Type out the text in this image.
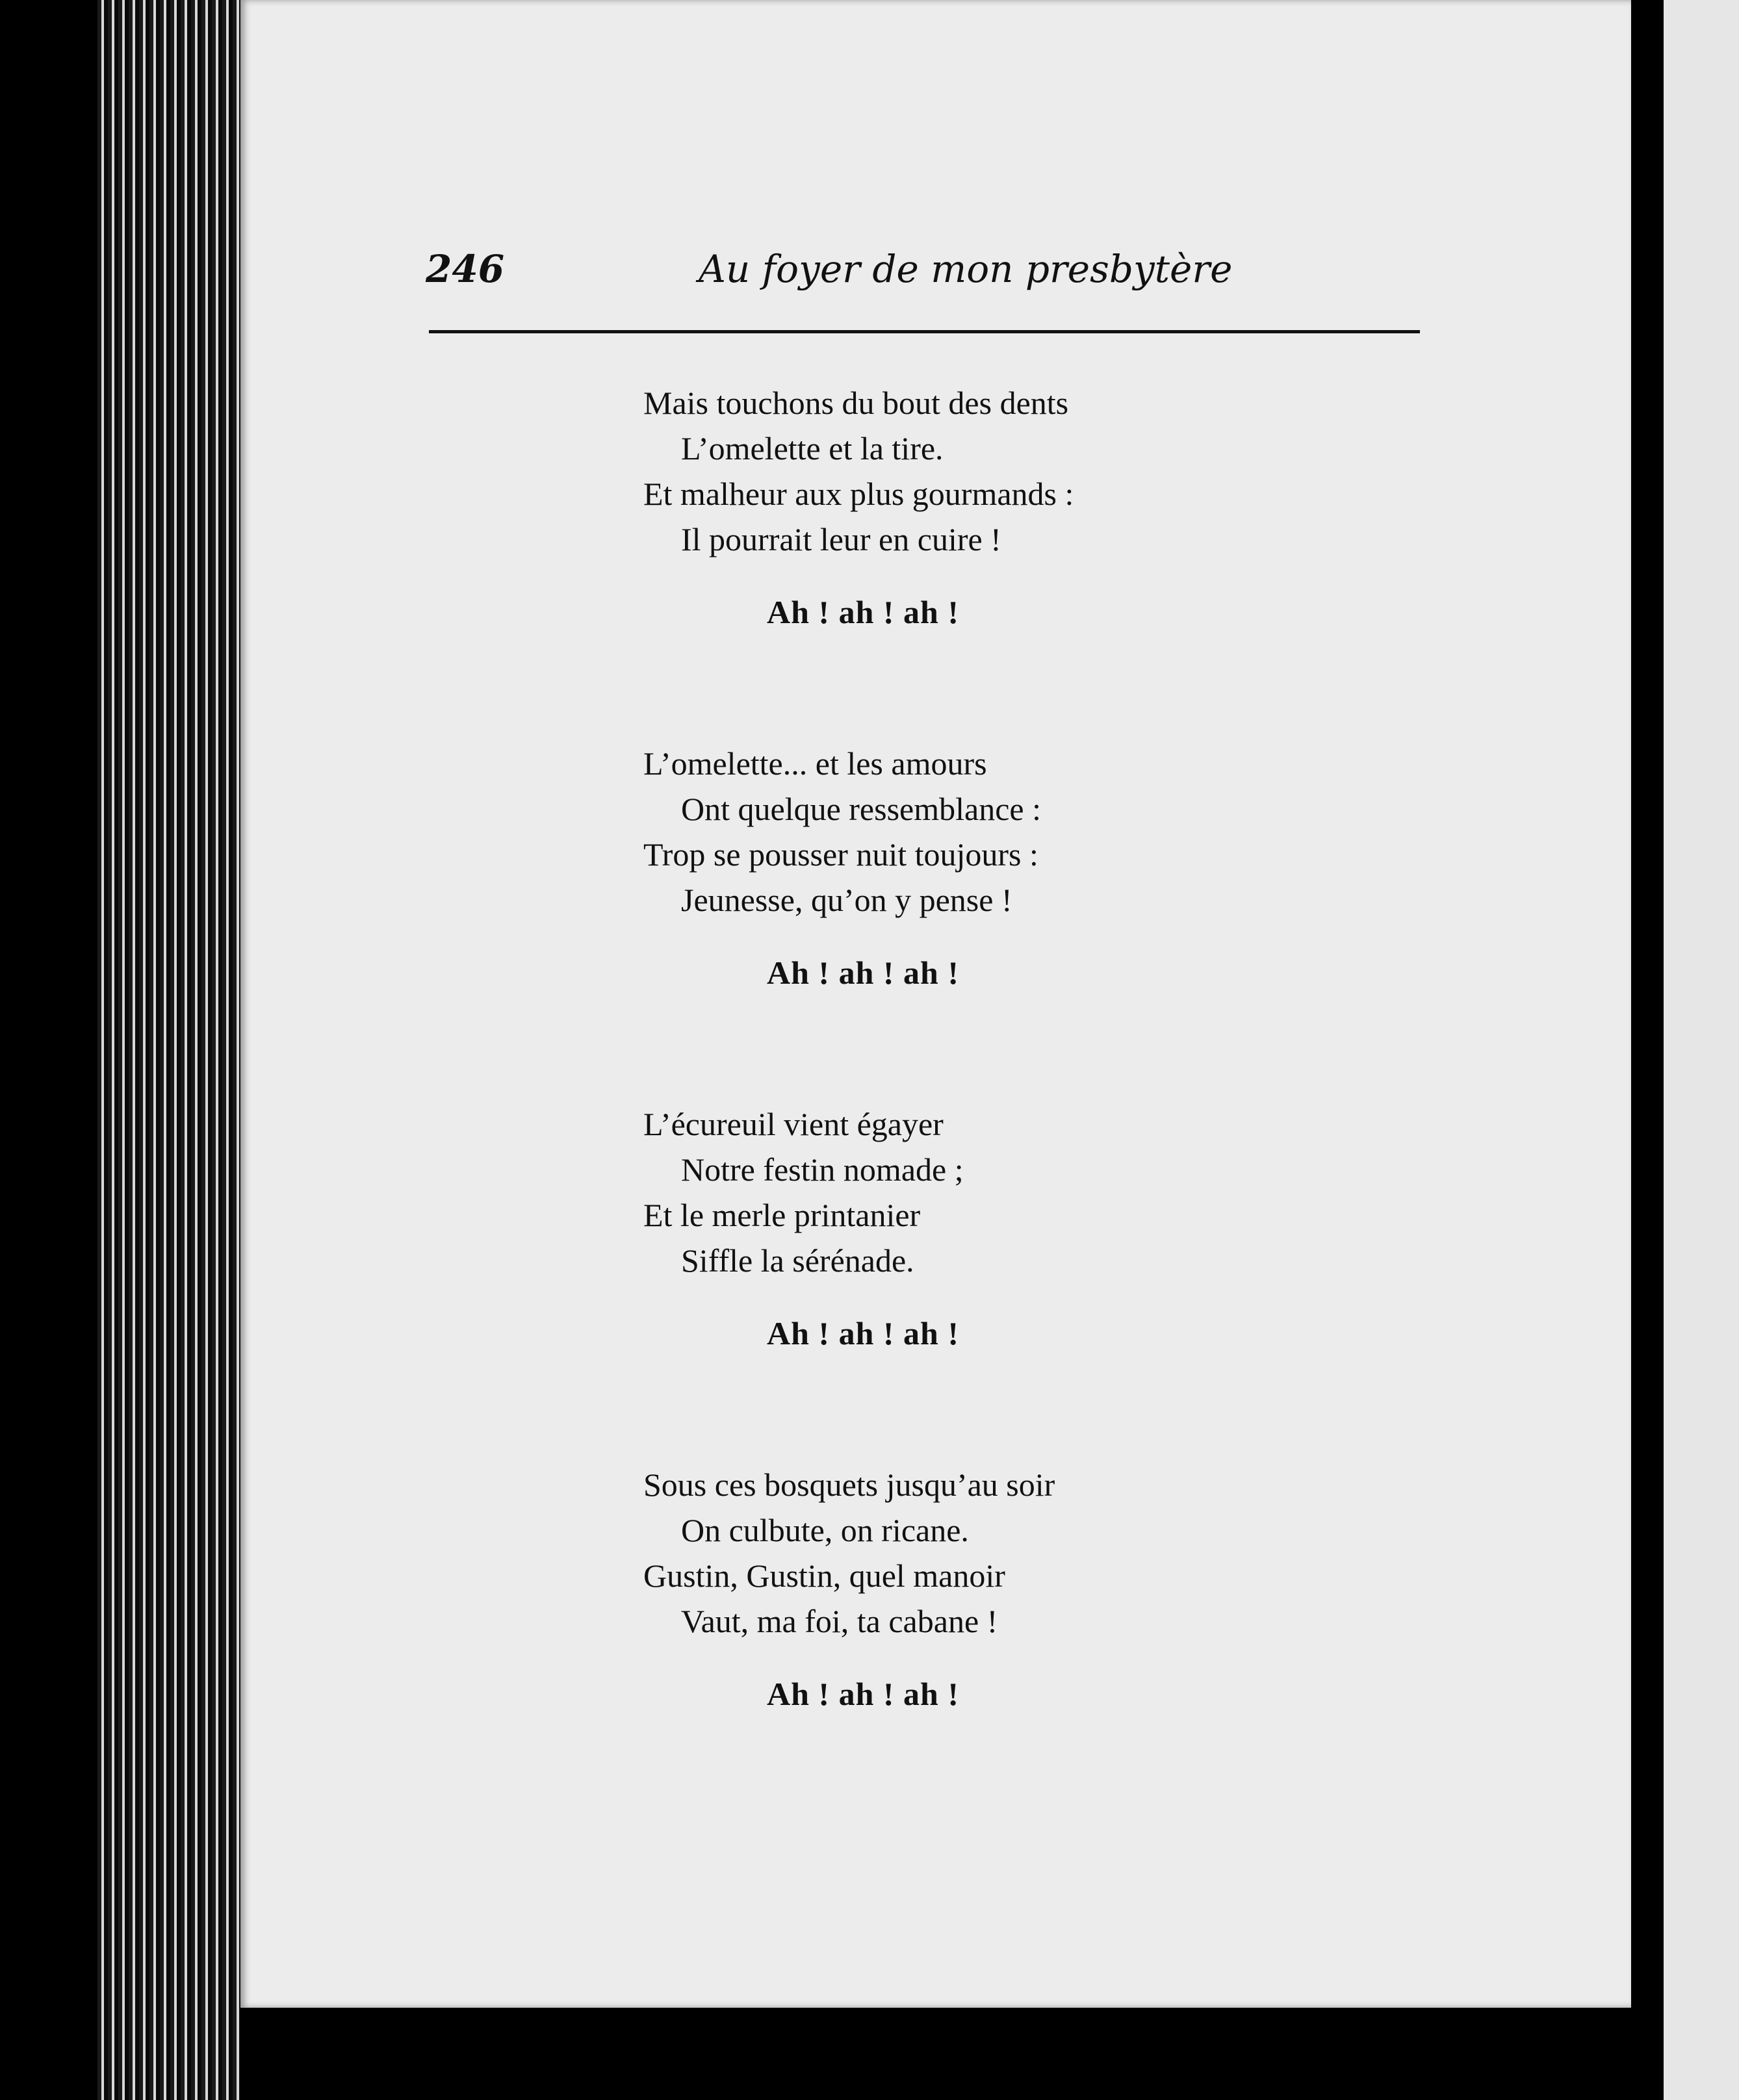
246	Au foyer de mon presbytère
Mais touchons du bout des dents
L’omelette et la tire.
Et malheur aux plus gourmands :
Il pourrait leur en cuire !
Ah ! ah ! ah !
L’omelette... et les amours
Ont quelque ressemblance :
Trop se pousser nuit toujours :
Jeunesse, qu’on y pense !
Ah ! ah ! ah !
L’écureuil vient égayer
Notre festin nomade ;
Et le merle printanier
Siffle la sérénade.
Ah ! ah ! ah !
Sous ces bosquets jusqu’au soir
On culbute, on ricane.
Gustin, Gustin, quel manoir
Vaut, ma foi, ta cabane !
Ah ! ah ! ah !
